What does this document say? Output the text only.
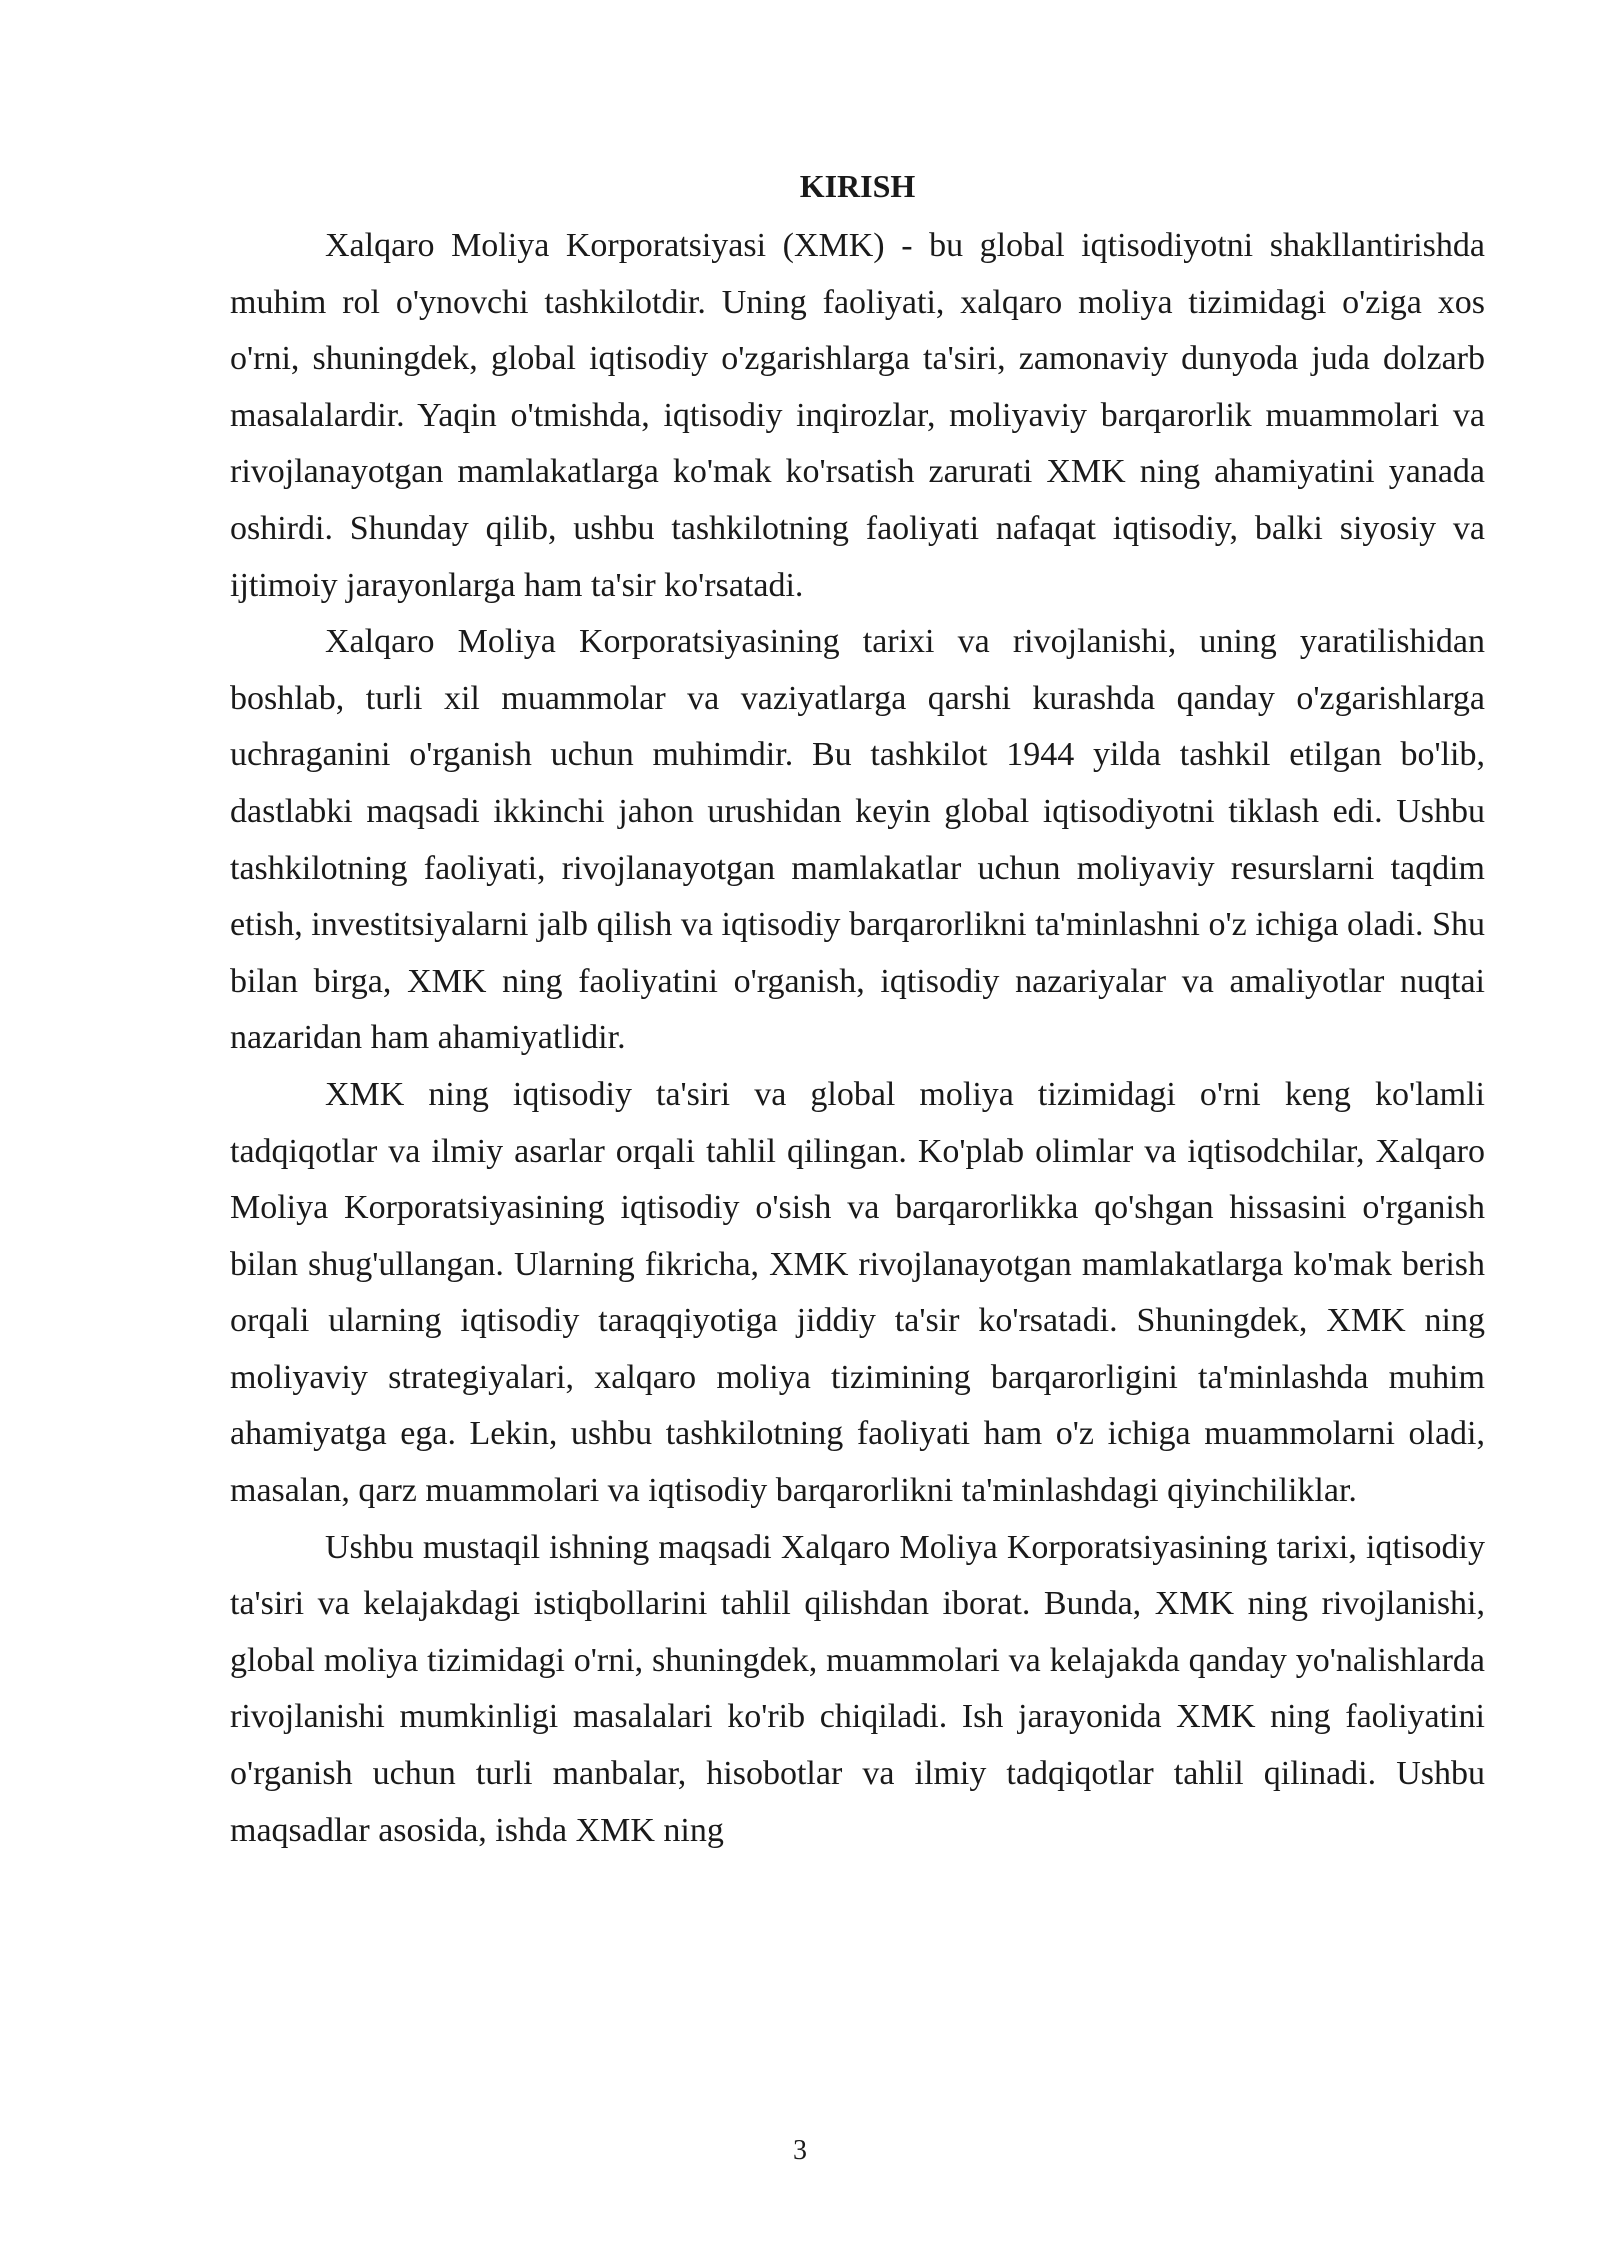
KIRISH

Xalqaro Moliya Korporatsiyasi (XMK) - bu global iqtisodiyotni shakllantirishda muhim rol o'ynovchi tashkilotdir. Uning faoliyati, xalqaro moliya tizimidagi o'ziga xos o'rni, shuningdek, global iqtisodiy o'zgarishlarga ta'siri, zamonaviy dunyoda juda dolzarb masalalardir. Yaqin o'tmishda, iqtisodiy inqirozlar, moliyaviy barqarorlik muammolari va rivojlanayotgan mamlakatlarga ko'mak ko'rsatish zarurati XMK ning ahamiyatini yanada oshirdi. Shunday qilib, ushbu tashkilotning faoliyati nafaqat iqtisodiy, balki siyosiy va ijtimoiy jarayonlarga ham ta'sir ko'rsatadi.

Xalqaro Moliya Korporatsiyasining tarixi va rivojlanishi, uning yaratilishidan boshlab, turli xil muammolar va vaziyatlarga qarshi kurashda qanday o'zgarishlarga uchraganini o'rganish uchun muhimdir. Bu tashkilot 1944 yilda tashkil etilgan bo'lib, dastlabki maqsadi ikkinchi jahon urushidan keyin global iqtisodiyotni tiklash edi. Ushbu tashkilotning faoliyati, rivojlanayotgan mamlakatlar uchun moliyaviy resurslarni taqdim etish, investitsiyalarni jalb qilish va iqtisodiy barqarorlikni ta'minlashni o'z ichiga oladi. Shu bilan birga, XMK ning faoliyatini o'rganish, iqtisodiy nazariyalar va amaliyotlar nuqtai nazaridan ham ahamiyatlidir.

XMK ning iqtisodiy ta'siri va global moliya tizimidagi o'rni keng ko'lamli tadqiqotlar va ilmiy asarlar orqali tahlil qilingan. Ko'plab olimlar va iqtisodchilar, Xalqaro Moliya Korporatsiyasining iqtisodiy o'sish va barqarorlikka qo'shgan hissasini o'rganish bilan shug'ullangan. Ularning fikricha, XMK rivojlanayotgan mamlakatlarga ko'mak berish orqali ularning iqtisodiy taraqqiyotiga jiddiy ta'sir ko'rsatadi. Shuningdek, XMK ning moliyaviy strategiyalari, xalqaro moliya tizimining barqarorligini ta'minlashda muhim ahamiyatga ega. Lekin, ushbu tashkilotning faoliyati ham o'z ichiga muammolarni oladi, masalan, qarz muammolari va iqtisodiy barqarorlikni ta'minlashdagi qiyinchiliklar.

Ushbu mustaqil ishning maqsadi Xalqaro Moliya Korporatsiyasining tarixi, iqtisodiy ta'siri va kelajakdagi istiqbollarini tahlil qilishdan iborat. Bunda, XMK ning rivojlanishi, global moliya tizimidagi o'rni, shuningdek, muammolari va kelajakda qanday yo'nalishlarda rivojlanishi mumkinligi masalalari ko'rib chiqiladi. Ish jarayonida XMK ning faoliyatini o'rganish uchun turli manbalar, hisobotlar va ilmiy tadqiqotlar tahlil qilinadi. Ushbu maqsadlar asosida, ishda XMK ning

3
